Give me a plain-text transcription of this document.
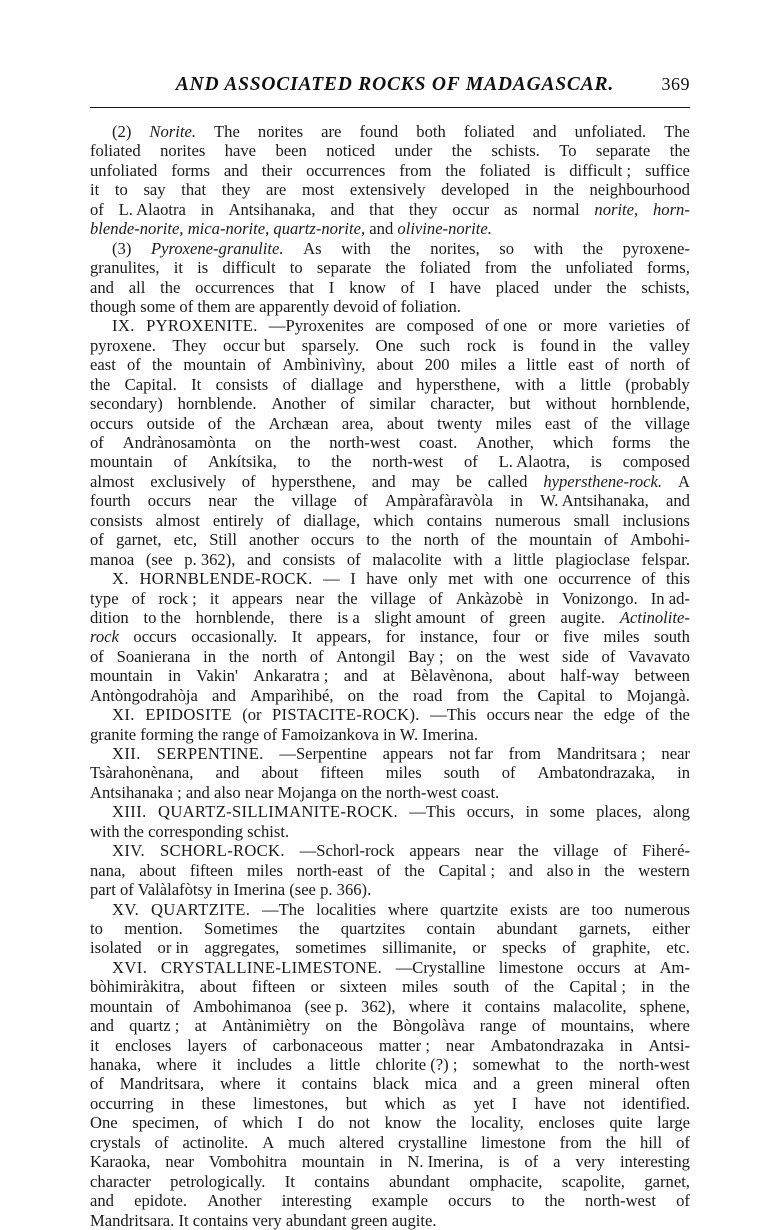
AND ASSOCIATED ROCKS OF MADAGASCAR.	369
(2) Norite. The norites are found both foliated and unfoliated. The
foliated norites have been noticed under the schists. To separate the
unfoliated forms and their occurrences from the foliated is difficult ; suffice
it to say that they are most extensively developed in the neighbourhood
of L. Alaotra in Antsihanaka, and that they occur as normal norite, horn-
blende-norite, mica-norite, quartz-norite, and olivine-norite.
(3) Pyroxene-granulite. As with the norites, so with the pyroxene-
granulites, it is difficult to separate the foliated from the unfoliated forms,
and all the occurrences that I know of I have placed under the schists,
though some of them are apparently devoid of foliation.
IX. PYROXENITE. —Pyroxenites are composed of one or more varieties of
pyroxene. They occur but sparsely. One such rock is found in the valley
east of the mountain of Ambìnivìny, about 200 miles a little east of north of
the Capital. It consists of diallage and hypersthene, with a little (probably
secondary) hornblende. Another of similar character, but without hornblende,
occurs outside of the Archæan area, about twenty miles east of the village
of Andrànosamònta on the north-west coast. Another, which forms the
mountain of Ankítsika, to the north-west of L. Alaotra, is composed
almost exclusively of hypersthene, and may be called hypersthene-rock. A
fourth occurs near the village of Ampàrafàravòla in W. Antsihanaka, and
consists almost entirely of diallage, which contains numerous small inclusions
of garnet, etc, Still another occurs to the north of the mountain of Ambohi-
manoa (see p. 362), and consists of malacolite with a little plagioclase felspar.
X. HORNBLENDE-ROCK. — I have only met with one occurrence of this
type of rock ; it appears near the village of Ankàzobè in Vonizongo. In ad-
dition to the hornblende, there is a slight amount of green augite. Actinolite-
rock occurs occasionally. It appears, for instance, four or five miles south
of Soanierana in the north of Antongil Bay ; on the west side of Vavavato
mountain in Vakin' Ankaratra ; and at Bèlavènona, about half-way between
Antòngodrahòja and Amparìhibé, on the road from the Capital to Mojangà.
XI. EPIDOSITE (or PISTACITE-ROCK). —This occurs near the edge of the
granite forming the range of Famoizankova in W. Imerina.
XII. SERPENTINE. —Serpentine appears not far from Mandritsara ; near
Tsàrahonènana, and about fifteen miles south of Ambatondrazaka, in
Antsihanaka ; and also near Mojanga on the north-west coast.
XIII. QUARTZ-SILLIMANITE-ROCK. —This occurs, in some places, along
with the corresponding schist.
XIV. SCHORL-ROCK. —Schorl-rock appears near the village of Fiheré-
nana, about fifteen miles north-east of the Capital ; and also in the western
part of Valàlafòtsy in Imerina (see p. 366).
XV. QUARTZITE. —The localities where quartzite exists are too numerous
to mention. Sometimes the quartzites contain abundant garnets, either
isolated or in aggregates, sometimes sillimanite, or specks of graphite, etc.
XVI. CRYSTALLINE-LIMESTONE. —Crystalline limestone occurs at Am-
bòhimiràkitra, about fifteen or sixteen miles south of the Capital ; in the
mountain of Ambohimanoa (see p. 362), where it contains malacolite, sphene,
and quartz ; at Antànimiètry on the Bòngolàva range of mountains, where
it encloses layers of carbonaceous matter ; near Ambatondrazaka in Antsi-
hanaka, where it includes a little chlorite (?) ; somewhat to the north-west
of Mandritsara, where it contains black mica and a green mineral often
occurring in these limestones, but which as yet I have not identified.
One specimen, of which I do not know the locality, encloses quite large
crystals of actinolite. A much altered crystalline limestone from the hill of
Karaoka, near Vombohitra mountain in N. Imerina, is of a very interesting
character petrologically. It contains abundant omphacite, scapolite, garnet,
and epidote. Another interesting example occurs to the north-west of
Mandritsara. It contains very abundant green augite.
